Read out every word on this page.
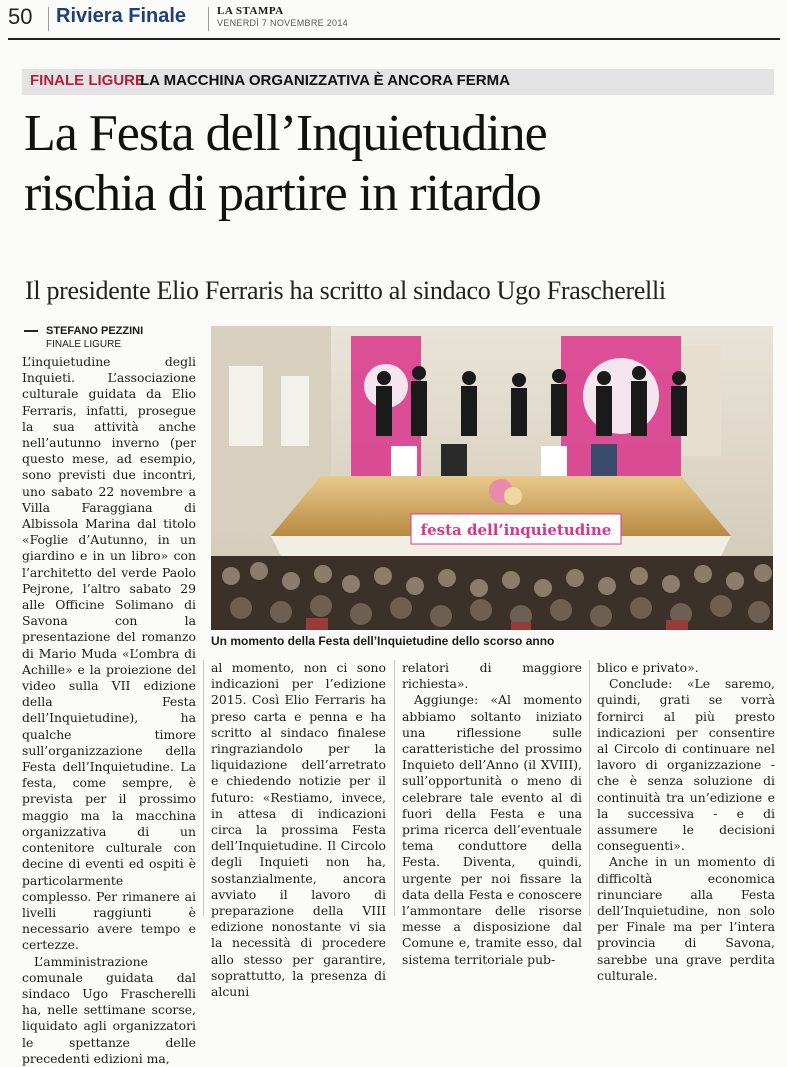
50 Riviera Finale	LA STAMPA
VENERDÌ 7 NOVEMBRE 2014
FINALE LIGURE
LA MACCHINA ORGANIZZATIVA È ANCORA FERMA
La Festa dell’Inquietudine
rischia di partire in ritardo
Il presidente Elio Ferraris ha scritto al sindaco Ugo Frascherelli
STEFANO PEZZINI
FINALE LIGURE
festa dell’inquietudine
Un momento della Festa dell’Inquietudine dello scorso anno

L’inquietudine degli Inquieti. L’associazione culturale guidata da Elio Ferraris, infatti, prosegue la sua attività anche nell’autunno inverno (per questo mese, ad esempio, sono previsti due incontri, uno sabato 22 novembre a Villa Faraggiana di Albissola Marina dal titolo «Foglie d’Autunno, in un giardino e in un libro» con l’architetto del verde Paolo Pejrone, l’altro sabato 29 alle Officine Solimano di Savona con la presentazione del romanzo di Mario Muda «L’ombra di Achille» e la proiezione del video sulla VII edizione della Festa dell’Inquietudine), ha qualche timore sull’organizzazione della Festa dell’Inquietudine. La festa, come sempre, è prevista per il prossimo maggio ma la macchina organizzativa di un contenitore culturale con decine di eventi ed ospiti è particolarmente complesso. Per rimanere ai livelli raggiunti è necessario avere tempo e certezze.

L’amministrazione comunale guidata dal sindaco Ugo Frascherelli ha, nelle settimane scorse, liquidato agli organizzatori le spettanze delle precedenti edizioni ma,

al momento, non ci sono indicazioni per l’edizione 2015. Così Elio Ferraris ha preso carta e penna e ha scritto al sindaco finalese ringraziandolo per la liquidazione dell’arretrato e chiedendo notizie per il futuro: «Restiamo, invece, in attesa di indicazioni circa la prossima Festa dell’Inquietudine. Il Circolo degli Inquieti non ha, sostanzialmente, ancora avviato il lavoro di preparazione della VIII edizione nonostante vi sia la necessità di procedere allo stesso per garantire, soprattutto, la presenza di alcuni

relatori di maggiore richiesta».

Aggiunge: «Al momento abbiamo soltanto iniziato una riflessione sulle caratteristiche del prossimo Inquieto dell’Anno (il XVIII), sull’opportunità o meno di celebrare tale evento al di fuori della Festa e una prima ricerca dell’eventuale tema conduttore della Festa. Diventa, quindi, urgente per noi fissare la data della Festa e conoscere l’ammontare delle risorse messe a disposizione dal Comune e, tramite esso, dal sistema territoriale pub-

blico e privato».

Conclude: «Le saremo, quindi, grati se vorrà fornirci al più presto indicazioni per consentire al Circolo di continuare nel lavoro di organizzazione - che è senza soluzione di continuità tra un’edizione e la successiva - e di assumere le decisioni conseguenti».

Anche in un momento di difficoltà economica rinunciare alla Festa dell’Inquietudine, non solo per Finale ma per l’intera provincia di Savona, sarebbe una grave perdita culturale.
